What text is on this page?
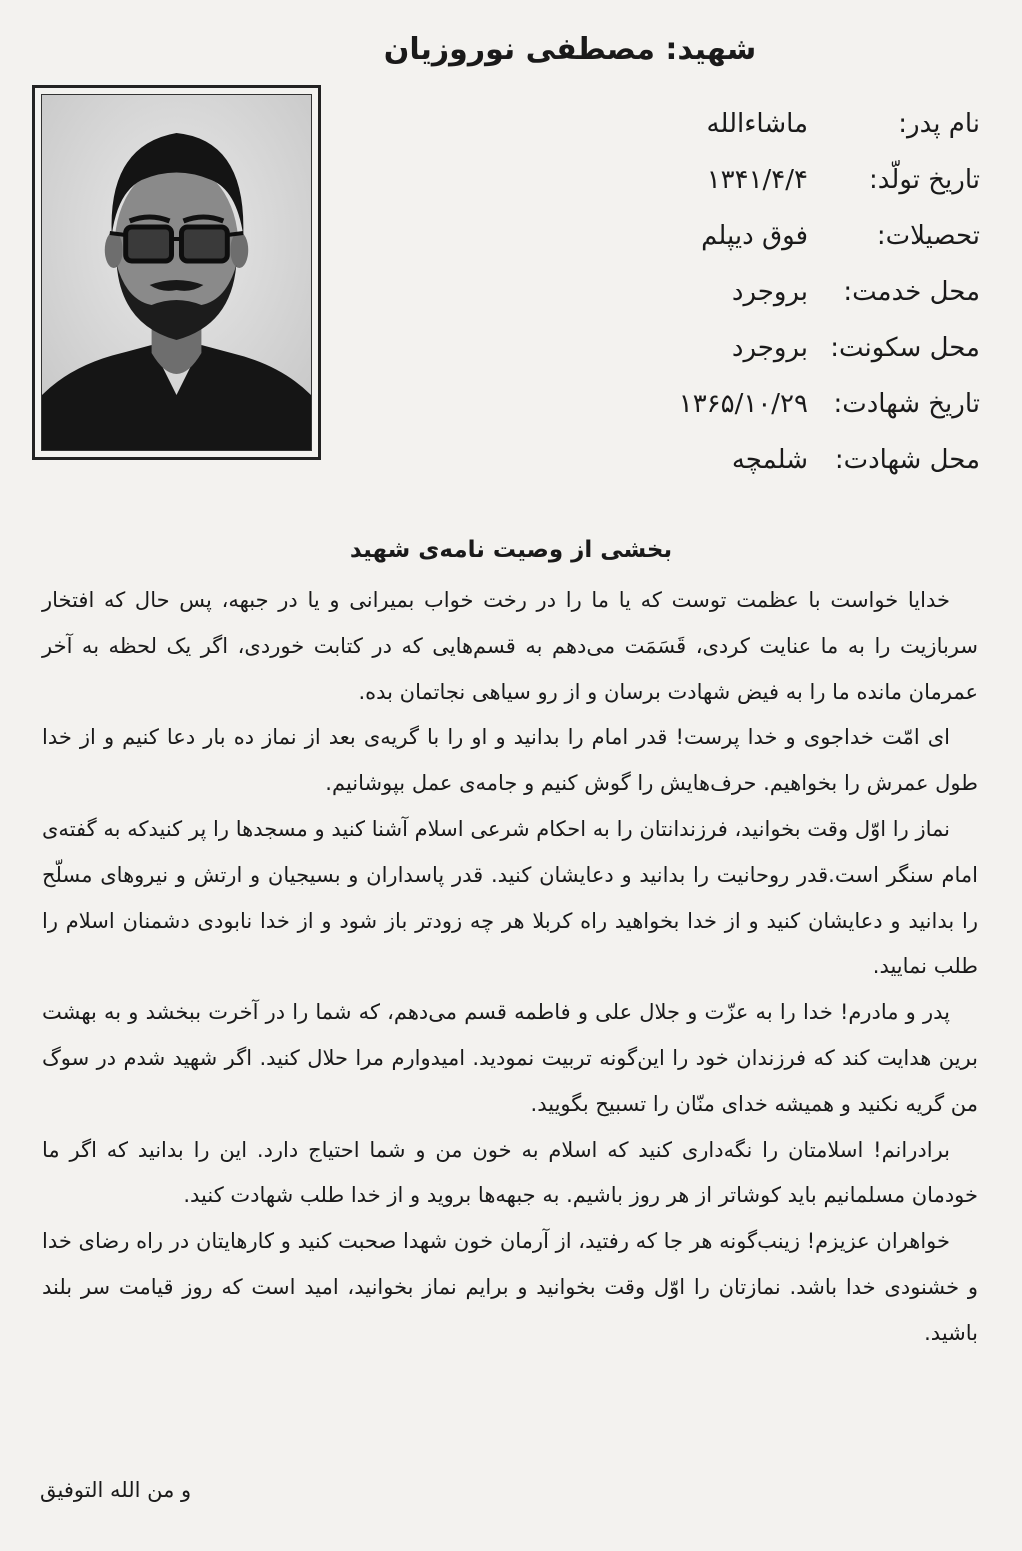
شهید: مصطفی نوروزیان
نام پدر:
ماشاءالله
تاریخ تولّد:
۱۳۴۱/۴/۴
تحصیلات:
فوق دیپلم
محل خدمت:
بروجرد
محل سکونت:
بروجرد
تاریخ شهادت:
۱۳۶۵/۱۰/۲۹
محل شهادت:
شلمچه
بخشی از وصیت نامه‌ی شهید

خدایا خواست با عظمت توست که یا ما را در رخت خواب بمیرانی و یا در جبهه، پس حال که افتخار سربازیت را به ما عنایت کردی، قَسَمَت می‌دهم به قسم‌هایی که در کتابت خوردی، اگر یک لحظه به آخر عمرمان مانده ما را به فیض شهادت برسان و از رو سیاهی نجاتمان بده.

ای امّت خداجوی و خدا پرست! قدر امام را بدانید و او را با گریه‌ی بعد از نماز ده بار دعا کنیم و از خدا طول عمرش را بخواهیم. حرف‌هایش را گوش کنیم و جامه‌ی عمل بپوشانیم.

نماز را اوّل وقت بخوانید، فرزندانتان را به احکام شرعی اسلام آشنا کنید و مسجدها را پر کنیدکه به گفته‌ی امام سنگر است.قدر روحانیت را بدانید و دعایشان کنید. قدر پاسداران و بسیجیان و ارتش و نیروهای مسلّح را بدانید و دعایشان کنید و از خدا بخواهید راه کربلا هر چه زودتر باز شود و از خدا نابودی دشمنان اسلام را طلب نمایید.

پدر و مادرم! خدا را به عزّت و جلال علی و فاطمه قسم می‌دهم، که شما را در آخرت ببخشد و به بهشت برین هدایت کند که فرزندان خود را این‌گونه تربیت نمودید. امیدوارم مرا حلال کنید. اگر شهید شدم در سوگ من گریه نکنید و همیشه خدای منّان را تسبیح بگویید.

برادرانم! اسلامتان را نگه‌داری کنید که اسلام به خون من و شما احتیاج دارد. این را بدانید که اگر ما خودمان مسلمانیم باید کوشاتر از هر روز باشیم. به جبهه‌ها بروید و از خدا طلب شهادت کنید.

خواهران عزیزم! زینب‌گونه هر جا که رفتید، از آرمان خون شهدا صحبت کنید و کارهایتان در راه رضای خدا و خشنودی خدا باشد. نمازتان را اوّل وقت بخوانید و برایم نماز بخوانید، امید است که روز قیامت سر بلند باشید.

و من الله التوفیق
